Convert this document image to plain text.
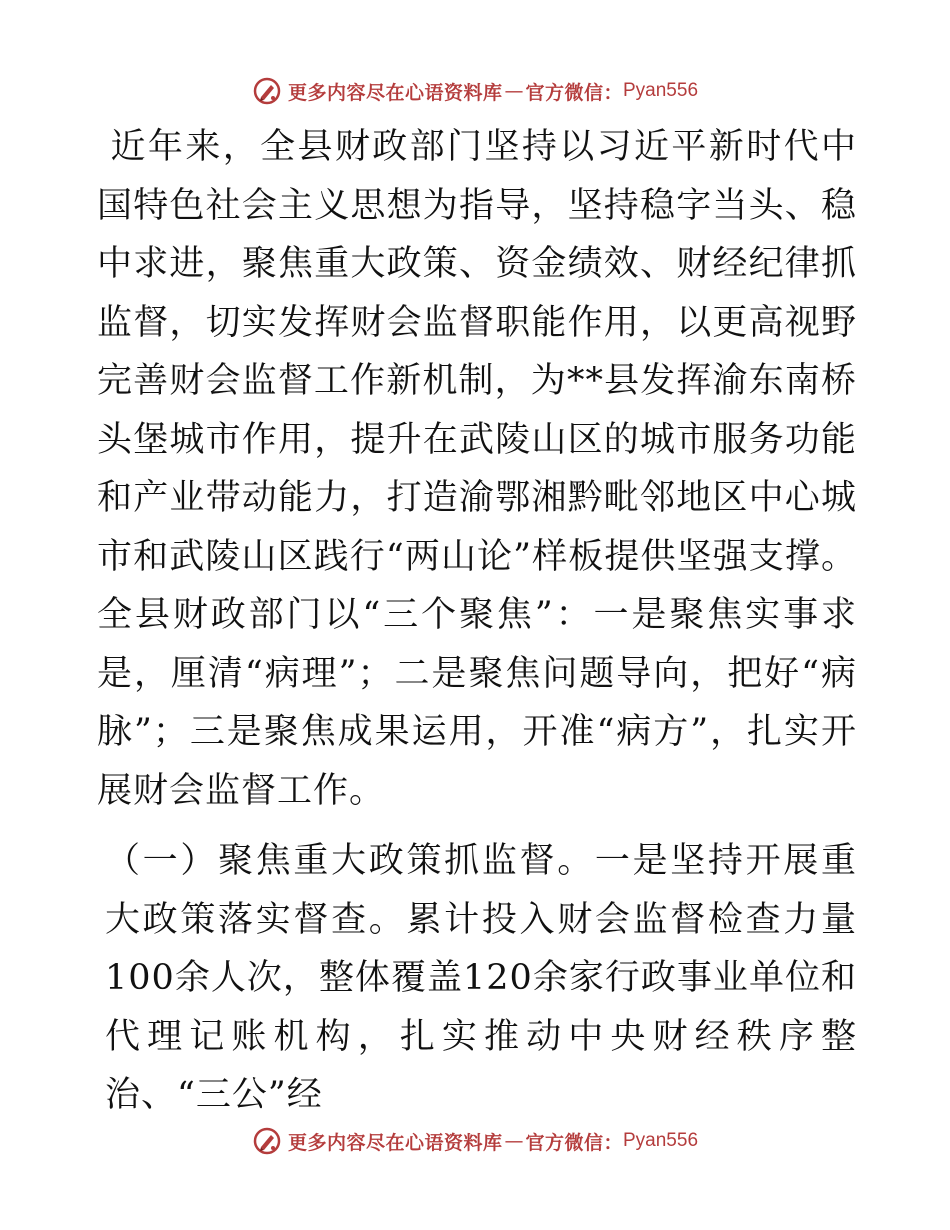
更多内容尽在心语资料库 — 官方微信： Pyan556

近年来，全县财政部门坚持以习近平新时代中国特色社会主义思想为指导，坚持稳字当头、稳中求进，聚焦重大政策、资金绩效、财经纪律抓监督，切实发挥财会监督职能作用，以更高视野完善财会监督工作新机制，为**县发挥渝东南桥头堡城市作用，提升在武陵山区的城市服务功能和产业带动能力，打造渝鄂湘黔毗邻地区中心城市和武陵山区践行“两山论”样板提供坚强支撑。全县财政部门以“三个聚焦”：一是聚焦实事求是，厘清“病理”；二是聚焦问题导向，把好“病脉”；三是聚焦成果运用，开准“病方”，扎实开展财会监督工作。

（一）聚焦重大政策抓监督。一是坚持开展重大政策落实督查。累计投入财会监督检查力量100余人次，整体覆盖120余家行政事业单位和代理记账机构，扎实推动中央财经秩序整治、“三公”经

更多内容尽在心语资料库 — 官方微信： Pyan556
